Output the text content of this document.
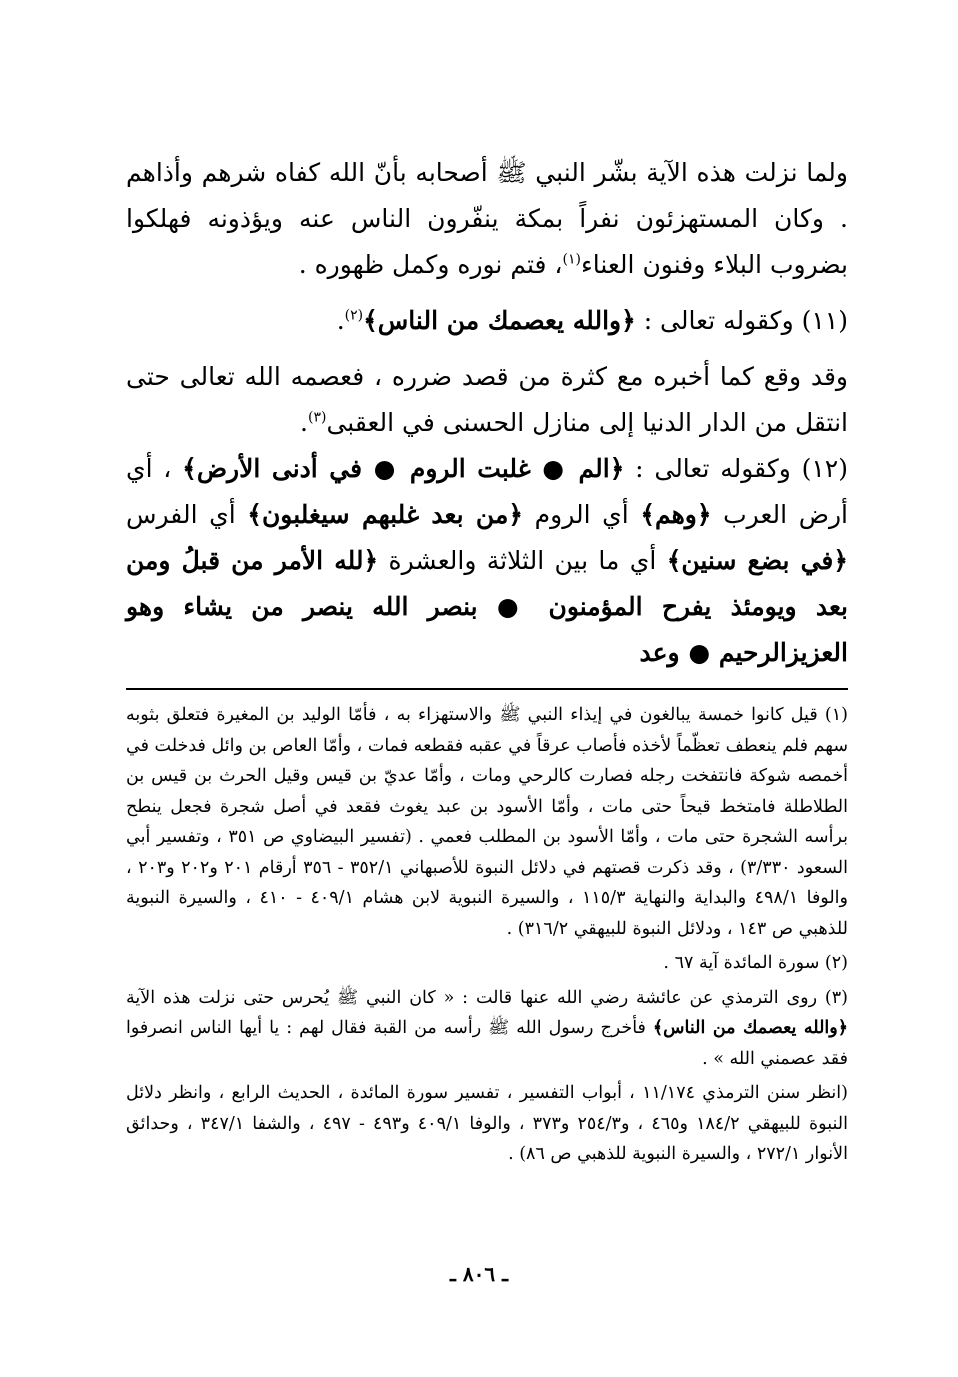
ولما نزلت هذه الآية بشّر النبي ﷺ أصحابه بأنّ الله كفاه شرهم وأذاهم . وكان المستهزئون نفراً بمكة ينفّرون الناس عنه ويؤذونه فهلكوا بضروب البلاء وفنون العناء$^{(١)}$، فتم نوره وكمل ظهوره .

(١١) وكقوله تعالى : ﴿والله يعصمك من الناس﴾$^{(٢)}$.

وقد وقع كما أخبره مع كثرة من قصد ضرره ، فعصمه الله تعالى حتى انتقل من الدار الدنيا إلى منازل الحسنى في العقبى$^{(٣)}$.

(١٢) وكقوله تعالى : ﴿الم ● غلبت الروم ● في أدنى الأرض﴾ ، أي أرض العرب ﴿وهم﴾ أي الروم ﴿من بعد غلبهم سيغلبون﴾ أي الفرس ﴿في بضع سنين﴾ أي ما بين الثلاثة والعشرة ﴿لله الأمر من قبلُ ومن بعد ويومئذ يفرح المؤمنون ● بنصر الله ينصر من يشاء وهو العزيزالرحيم ● وعد

(١) قيل كانوا خمسة يبالغون في إيذاء النبي ﷺ والاستهزاء به ، فأمّا الوليد بن المغيرة فتعلق بثوبه سهم فلم ينعطف تعظّماً لأخذه فأصاب عرقاً في عقبه فقطعه فمات ، وأمّا العاص بن وائل فدخلت في أخمصه شوكة فانتفخت رجله فصارت كالرحي ومات ، وأمّا عديّ بن قيس وقيل الحرث بن قيس بن الطلاطلة فامتخط قيحاً حتى مات ، وأمّا الأسود بن عبد يغوث فقعد في أصل شجرة فجعل ينطح برأسه الشجرة حتى مات ، وأمّا الأسود بن المطلب فعمي . (تفسير البيضاوي ص ٣٥١ ، وتفسير أبي السعود ٣/٣٣٠) ، وقد ذكرت قصتهم في دلائل النبوة للأصبهاني ٣٥٢/١ - ٣٥٦ أرقام ٢٠١ و٢٠٢ و٢٠٣ ، والوفا ٤٩٨/١ والبداية والنهاية ١١٥/٣ ، والسيرة النبوية لابن هشام ٤٠٩/١ - ٤١٠ ، والسيرة النبوية للذهبي ص ١٤٣ ، ودلائل النبوة للبيهقي ٣١٦/٢) .

(٢) سورة المائدة آية ٦٧ .

(٣) روى الترمذي عن عائشة رضي الله عنها قالت : « كان النبي ﷺ يُحرس حتى نزلت هذه الآية ﴿والله يعصمك من الناس﴾ فأخرج رسول الله ﷺ رأسه من القبة فقال لهم : يا أيها الناس انصرفوا فقد عصمني الله » .

(انظر سنن الترمذي ١١/١٧٤ ، أبواب التفسير ، تفسير سورة المائدة ، الحديث الرابع ، وانظر دلائل النبوة للبيهقي ١٨٤/٢ و٤٦٥ ، و٢٥٤/٣ و٣٧٣ ، والوفا ٤٠٩/١ و٤٩٣ - ٤٩٧ ، والشفا ٣٤٧/١ ، وحدائق الأنوار ٢٧٢/١ ، والسيرة النبوية للذهبي ص ٨٦) .

ـ ٨٠٦ ـ
